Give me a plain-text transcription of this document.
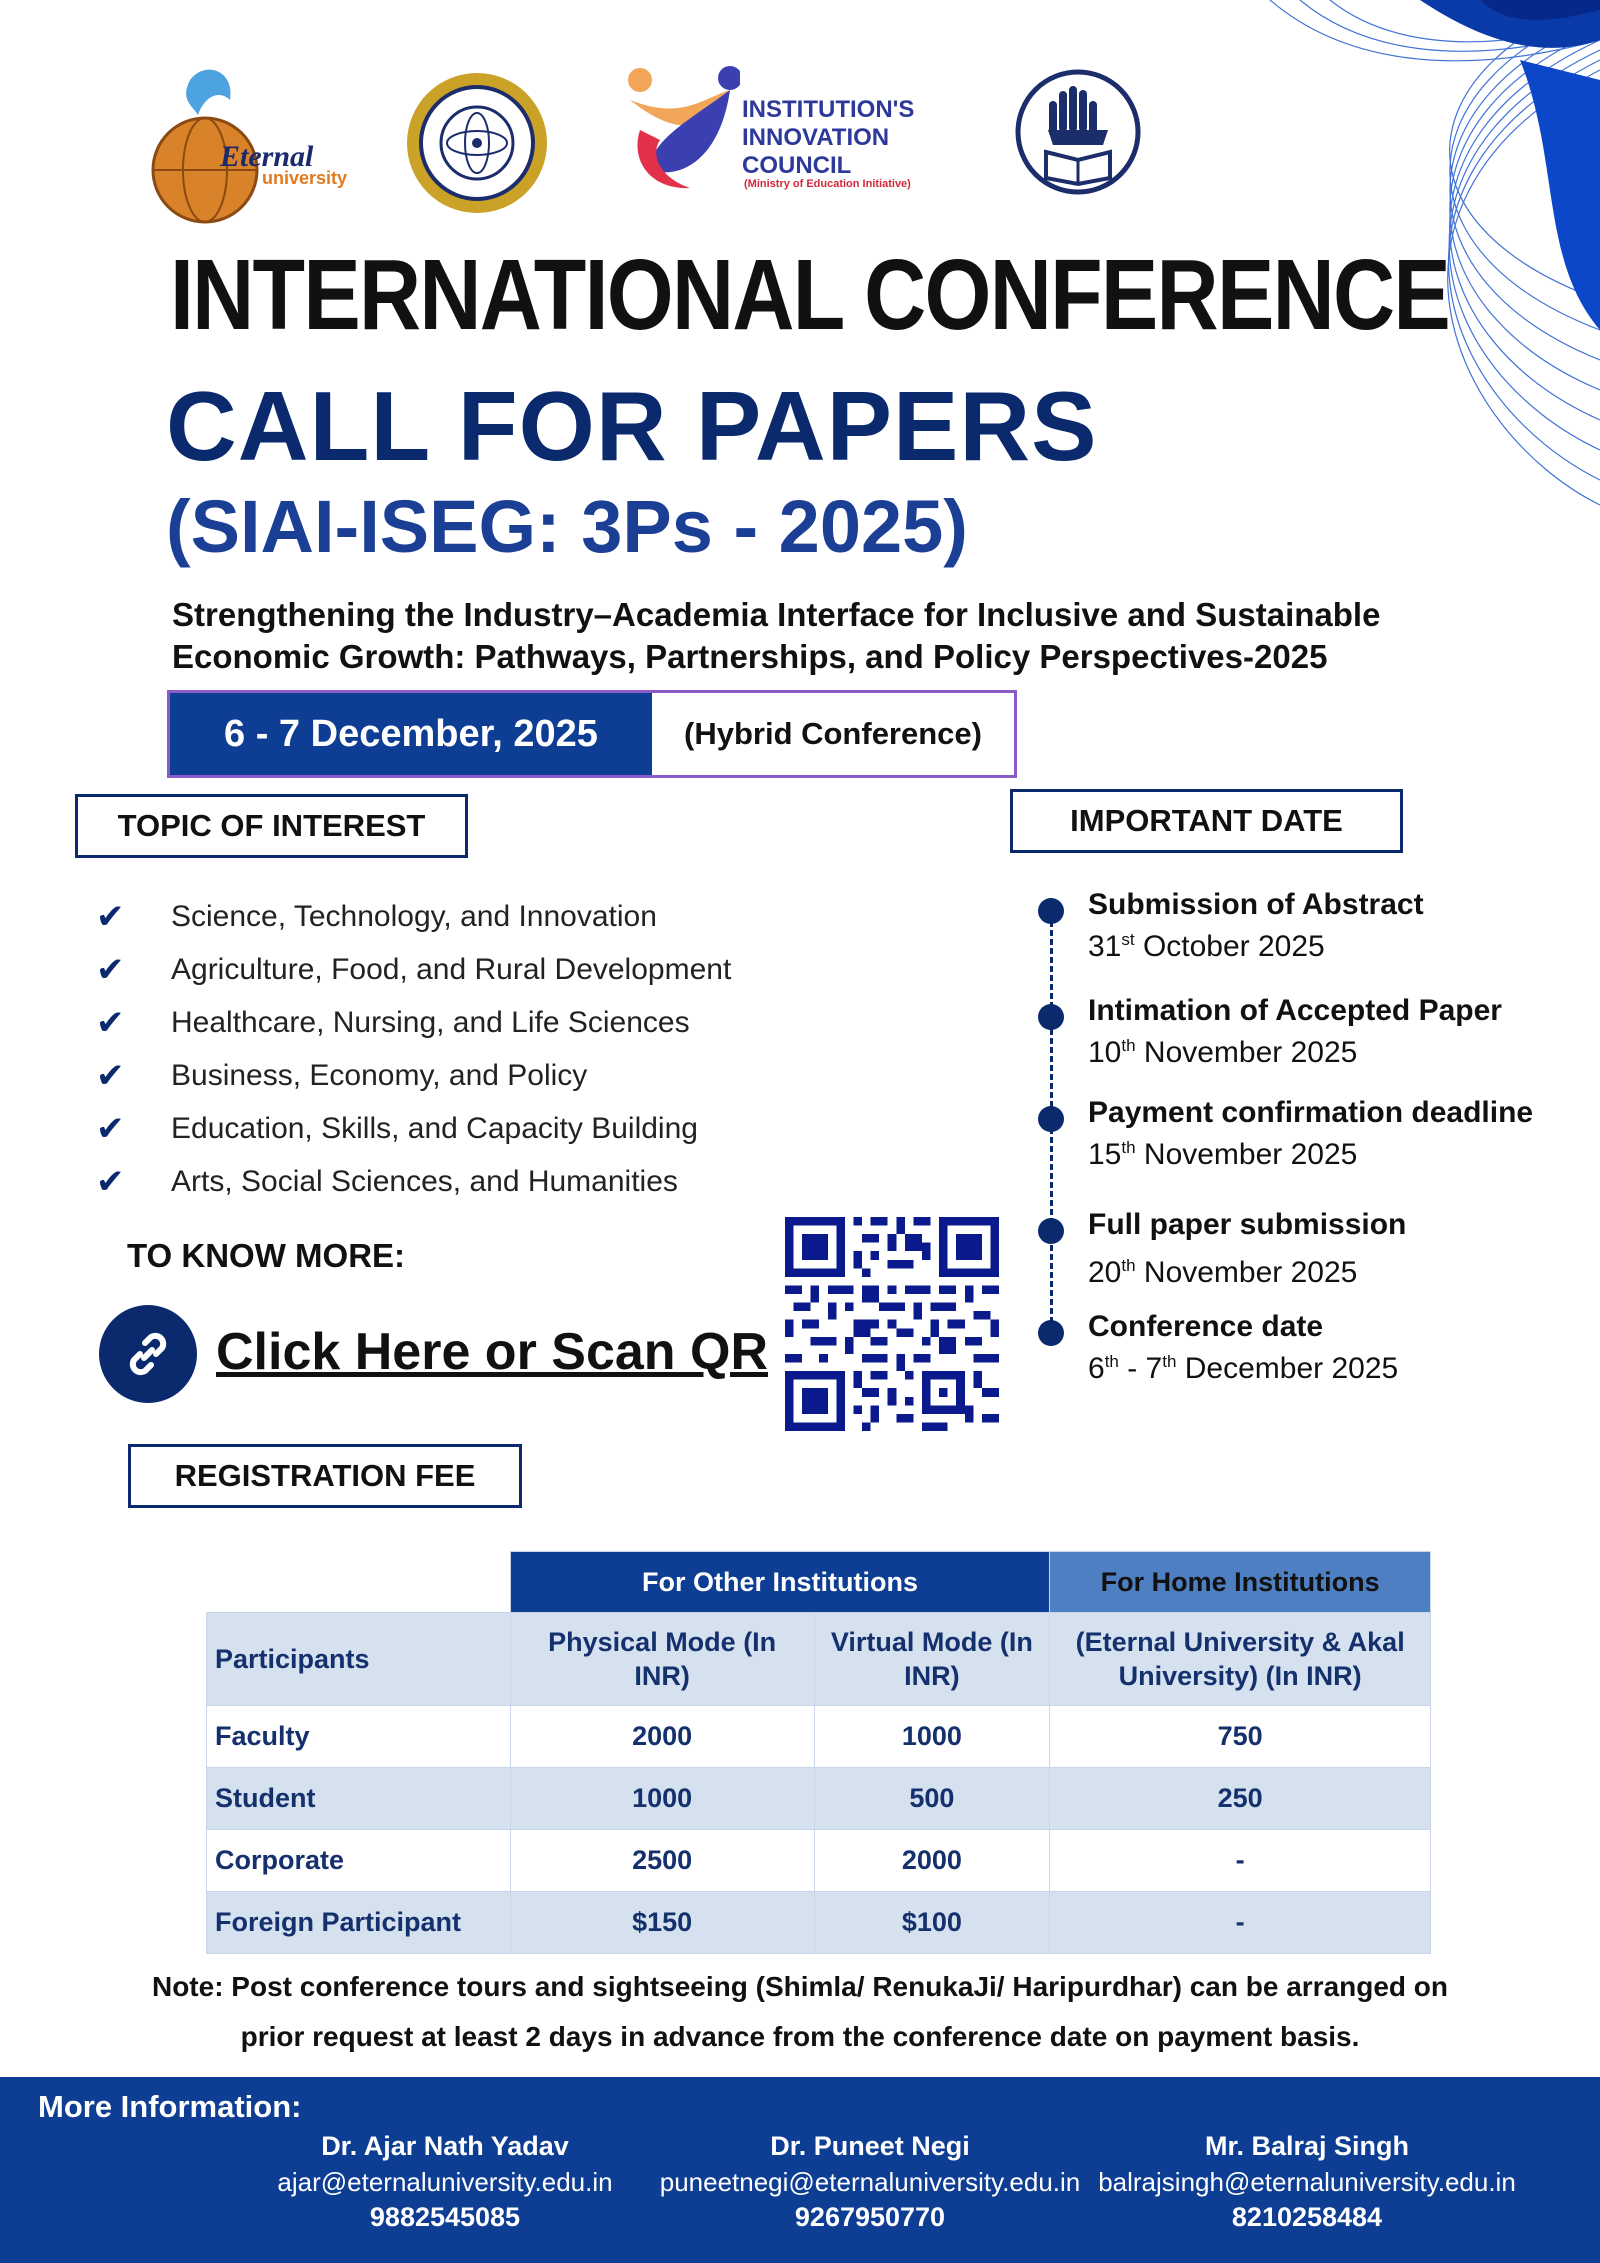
Eternal
university
INSTITUTION'S
INNOVATION
COUNCIL
(Ministry of Education Initiative)
INTERNATIONAL CONFERENCE
CALL FOR PAPERS
(SIAI-ISEG: 3Ps - 2025)
Strengthening the Industry–Academia Interface for Inclusive and Sustainable Economic Growth: Pathways, Partnerships, and Policy Perspectives-2025
6 - 7 December, 2025	(Hybrid Conference)
TOPIC OF INTEREST	IMPORTANT DATE
✔	Science, Technology, and Innovation
✔	Agriculture, Food, and Rural Development
✔	Healthcare, Nursing, and Life Sciences
✔	Business, Economy, and Policy
✔	Education, Skills, and Capacity Building
✔	Arts, Social Sciences, and Humanities
TO KNOW MORE:
Click Here or Scan QR
Submission of Abstract
31st October 2025
Intimation of Accepted Paper
10th November 2025
Payment confirmation deadline
15th November 2025
Full paper submission
20th November 2025
Conference date
6th - 7th December 2025
REGISTRATION FEE
	For Other Institutions		For Home Institutions
Participants	Physical Mode (In INR)	Virtual Mode (In INR)	(Eternal University & Akal University) (In INR)
Faculty	2000	1000	750
Student	1000	500	250
Corporate	2500	2000	-
Foreign Participant	$150	$100	-
Note: Post conference tours and sightseeing (Shimla/ RenukaJi/ Haripurdhar) can be arranged on prior request at least 2 days in advance from the conference date on payment basis.
More Information:
Dr. Ajar Nath Yadav
ajar@eternaluniversity.edu.in
9882545085
Dr. Puneet Negi
puneetnegi@eternaluniversity.edu.in
9267950770
Mr. Balraj Singh
balrajsingh@eternaluniversity.edu.in
8210258484
